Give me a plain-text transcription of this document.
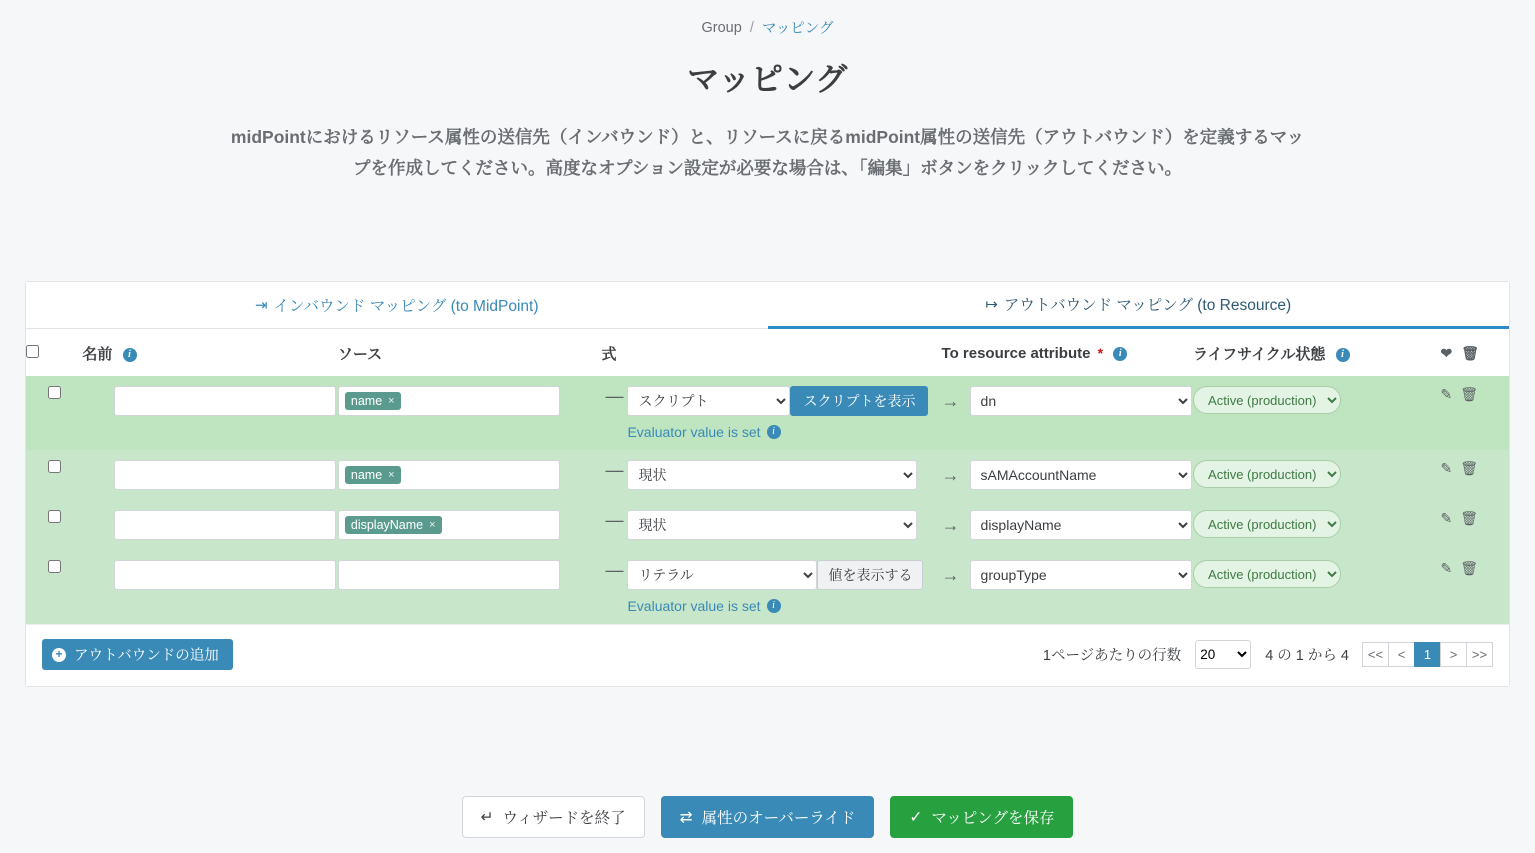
Group / マッピング
マッピング
midPointにおけるリソース属性の送信先（インバウンド）と、リソースに戻るmidPoint属性の送信先（アウトバウンド）を定義するマップを作成してください。高度なオプション設定が必要な場合は、「編集」ボタンをクリックしてください。
⇥ インバウンド マッピング (to MidPoint)	↦ アウトバウンド マッピング (to Resource)
	名前 i	ソース	式	To resource attribute * i	ライフサイクル状態 i	❤ 🗑

name ×	—
スクリプト	スクリプトを表示
Evaluator value is set	i

→
dn

Active (production)	✎ 🗑

name ×	—
現状	→
sAMAccountName

Active (production)	✎ 🗑

displayName ×	—
現状	→
displayName

Active (production)	✎ 🗑

—
リテラル	値を表示する
Evaluator value is set	i

→
groupType

Active (production)	✎ 🗑
+ アウトバウンドの追加	1ページあたりの行数
20	4 の 1 から 4	<<	<	1	>	>>
↵ ウィザードを終了	⇄ 属性のオーバーライド	✓ マッピングを保存
